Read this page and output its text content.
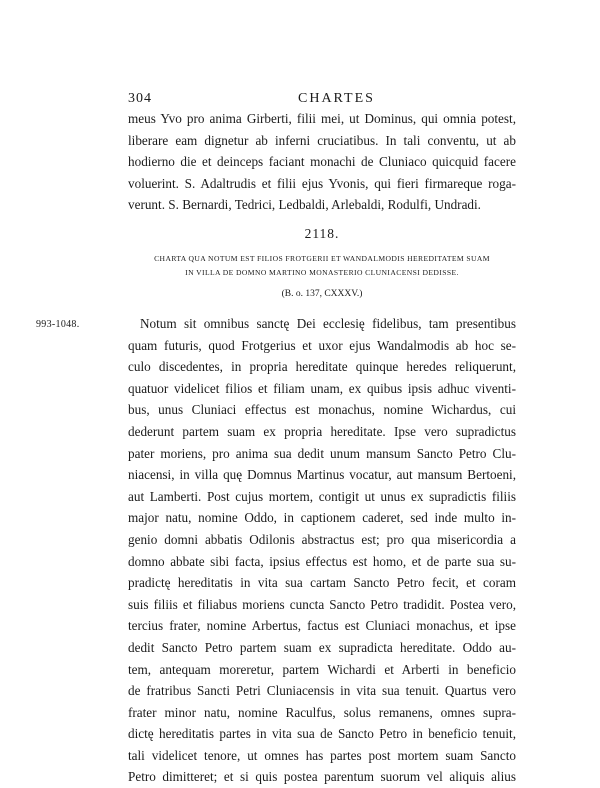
304	CHARTES
meus Yvo pro anima Girberti, filii mei, ut Dominus, qui omnia potest,
liberare eam dignetur ab inferni cruciatibus. In tali conventu, ut ab
hodierno die et deinceps faciant monachi de Cluniaco quicquid facere
voluerint. S. Adaltrudis et filii ejus Yvonis, qui fieri firmareque roga-
verunt. S. Bernardi, Tedrici, Ledbaldi, Arlebaldi, Rodulfi, Undradi.
2118.
CHARTA QUA NOTUM EST FILIOS FROTGERII ET WANDALMODIS HEREDITATEM SUAM
IN VILLA DE DOMNO MARTINO MONASTERIO CLUNIACENSI DEDISSE.
(B. o. 137, CXXXV.)
993-1048.	Notum sit omnibus sanctę Dei ecclesię fidelibus, tam presentibus
quam futuris, quod Frotgerius et uxor ejus Wandalmodis ab hoc se-
culo discedentes, in propria hereditate quinque heredes reliquerunt,
quatuor videlicet filios et filiam unam, ex quibus ipsis adhuc viventi-
bus, unus Cluniaci effectus est monachus, nomine Wichardus, cui
dederunt partem suam ex propria hereditate. Ipse vero supradictus
pater moriens, pro anima sua dedit unum mansum Sancto Petro Clu-
niacensi, in villa quę Domnus Martinus vocatur, aut mansum Bertoeni,
aut Lamberti. Post cujus mortem, contigit ut unus ex supradictis filiis
major natu, nomine Oddo, in captionem caderet, sed inde multo in-
genio domni abbatis Odilonis abstractus est; pro qua misericordia a
domno abbate sibi facta, ipsius effectus est homo, et de parte sua su-
pradictę hereditatis in vita sua cartam Sancto Petro fecit, et coram
suis filiis et filiabus moriens cuncta Sancto Petro tradidit. Postea vero,
tercius frater, nomine Arbertus, factus est Cluniaci monachus, et ipse
dedit Sancto Petro partem suam ex supradicta hereditate. Oddo au-
tem, antequam moreretur, partem Wichardi et Arberti in beneficio
de fratribus Sancti Petri Cluniacensis in vita sua tenuit. Quartus vero
frater minor natu, nomine Raculfus, solus remanens, omnes supra-
dictę hereditatis partes in vita sua de Sancto Petro in beneficio tenuit,
tali videlicet tenore, ut omnes has partes post mortem suam Sancto
Petro dimitteret; et si quis postea parentum suorum vel aliquis alius
